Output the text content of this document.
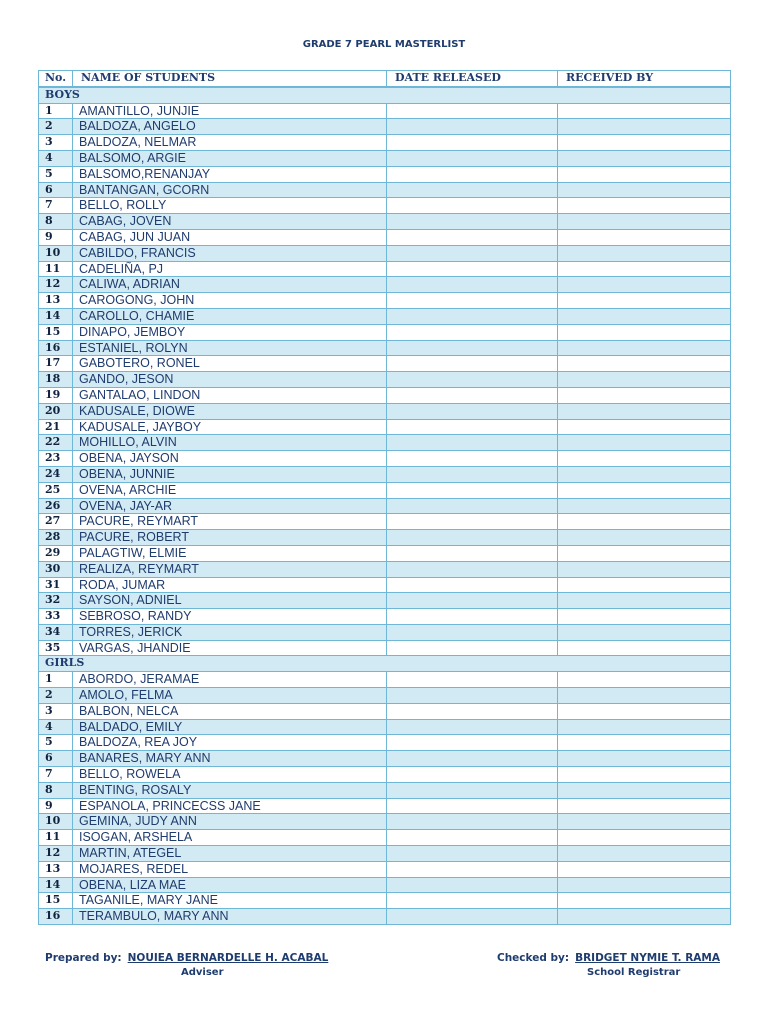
GRADE 7 PEARL MASTERLIST
No.	NAME OF STUDENTS	DATE RELEASED	RECEIVED BY
BOYS			
1	AMANTILLO, JUNJIE		
2	BALDOZA, ANGELO		
3	BALDOZA, NELMAR		
4	BALSOMO, ARGIE		
5	BALSOMO,RENANJAY		
6	BANTANGAN, GCORN		
7	BELLO, ROLLY		
8	CABAG, JOVEN		
9	CABAG, JUN JUAN		
10	CABILDO, FRANCIS		
11	CADELIÑA, PJ		
12	CALIWA, ADRIAN		
13	CAROGONG, JOHN		
14	CAROLLO, CHAMIE		
15	DINAPO, JEMBOY		
16	ESTANIEL, ROLYN		
17	GABOTERO, RONEL		
18	GANDO, JESON		
19	GANTALAO, LINDON		
20	KADUSALE, DIOWE		
21	KADUSALE, JAYBOY		
22	MOHILLO, ALVIN		
23	OBENA, JAYSON		
24	OBENA, JUNNIE		
25	OVENA, ARCHIE		
26	OVENA, JAY-AR		
27	PACURE, REYMART		
28	PACURE, ROBERT		
29	PALAGTIW, ELMIE		
30	REALIZA, REYMART		
31	RODA, JUMAR		
32	SAYSON, ADNIEL		
33	SEBROSO, RANDY		
34	TORRES, JERICK		
35	VARGAS, JHANDIE		
GIRLS			
1	ABORDO, JERAMAE		
2	AMOLO, FELMA		
3	BALBON, NELCA		
4	BALDADO, EMILY		
5	BALDOZA, REA JOY		
6	BANARES, MARY ANN		
7	BELLO, ROWELA		
8	BENTING, ROSALY		
9	ESPANOLA, PRINCECSS JANE		
10	GEMINA, JUDY ANN		
11	ISOGAN, ARSHELA		
12	MARTIN, ATEGEL		
13	MOJARES, REDEL		
14	OBENA, LIZA MAE		
15	TAGANILE, MARY JANE		
16	TERAMBULO, MARY ANN		
Prepared by: NOUIEA BERNARDELLE H. ACABAL
Adviser
Checked by: BRIDGET NYMIE T. RAMA
School Registrar
